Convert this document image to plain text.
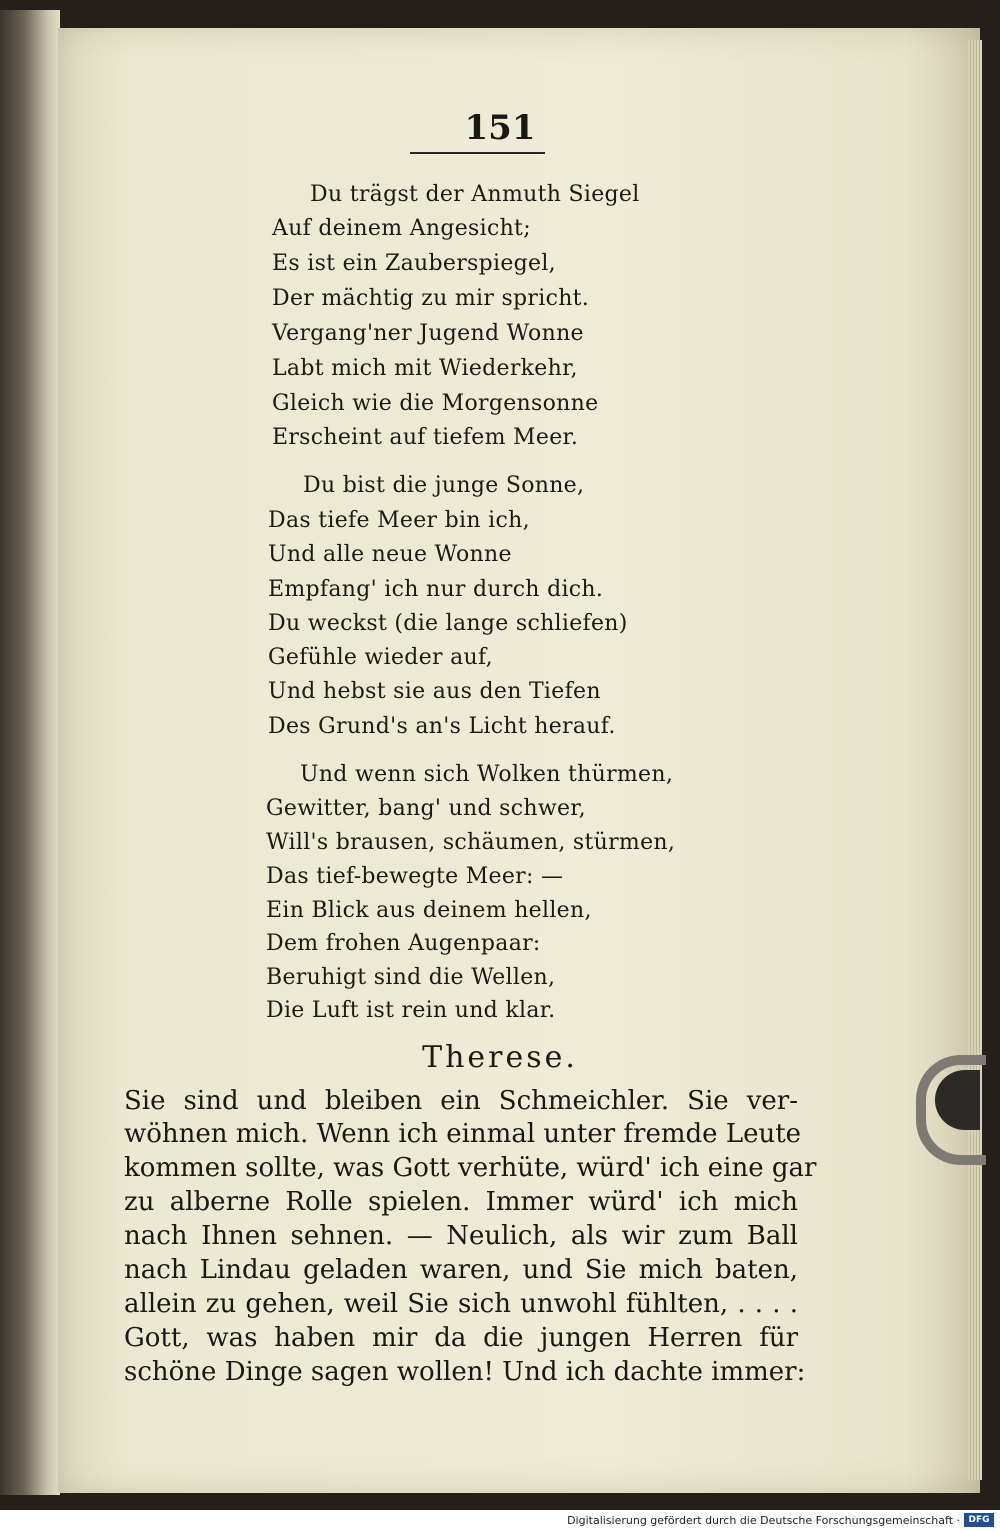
151
Du trägst der Anmuth Siegel
Auf deinem Angesicht;
Es ist ein Zauberspiegel,
Der mächtig zu mir spricht.
Vergang'ner Jugend Wonne
Labt mich mit Wiederkehr,
Gleich wie die Morgensonne
Erscheint auf tiefem Meer.
Du bist die junge Sonne,
Das tiefe Meer bin ich,
Und alle neue Wonne
Empfang' ich nur durch dich.
Du weckst (die lange schliefen)
Gefühle wieder auf,
Und hebst sie aus den Tiefen
Des Grund's an's Licht herauf.
Und wenn sich Wolken thürmen,
Gewitter, bang' und schwer,
Will's brausen, schäumen, stürmen,
Das tief-bewegte Meer: —
Ein Blick aus deinem hellen,
Dem frohen Augenpaar:
Beruhigt sind die Wellen,
Die Luft ist rein und klar.
Therese.
Sie sind und bleiben ein Schmeichler. Sie ver-
wöhnen mich. Wenn ich einmal unter fremde Leute
kommen sollte, was Gott verhüte, würd' ich eine gar
zu alberne Rolle spielen. Immer würd' ich mich
nach Ihnen sehnen. — Neulich, als wir zum Ball
nach Lindau geladen waren, und Sie mich baten,
allein zu gehen, weil Sie sich unwohl fühlten, . . . .
Gott, was haben mir da die jungen Herren für
schöne Dinge sagen wollen! Und ich dachte immer:
Digitalisierung gefördert durch die Deutsche Forschungsgemeinschaft · DFG
